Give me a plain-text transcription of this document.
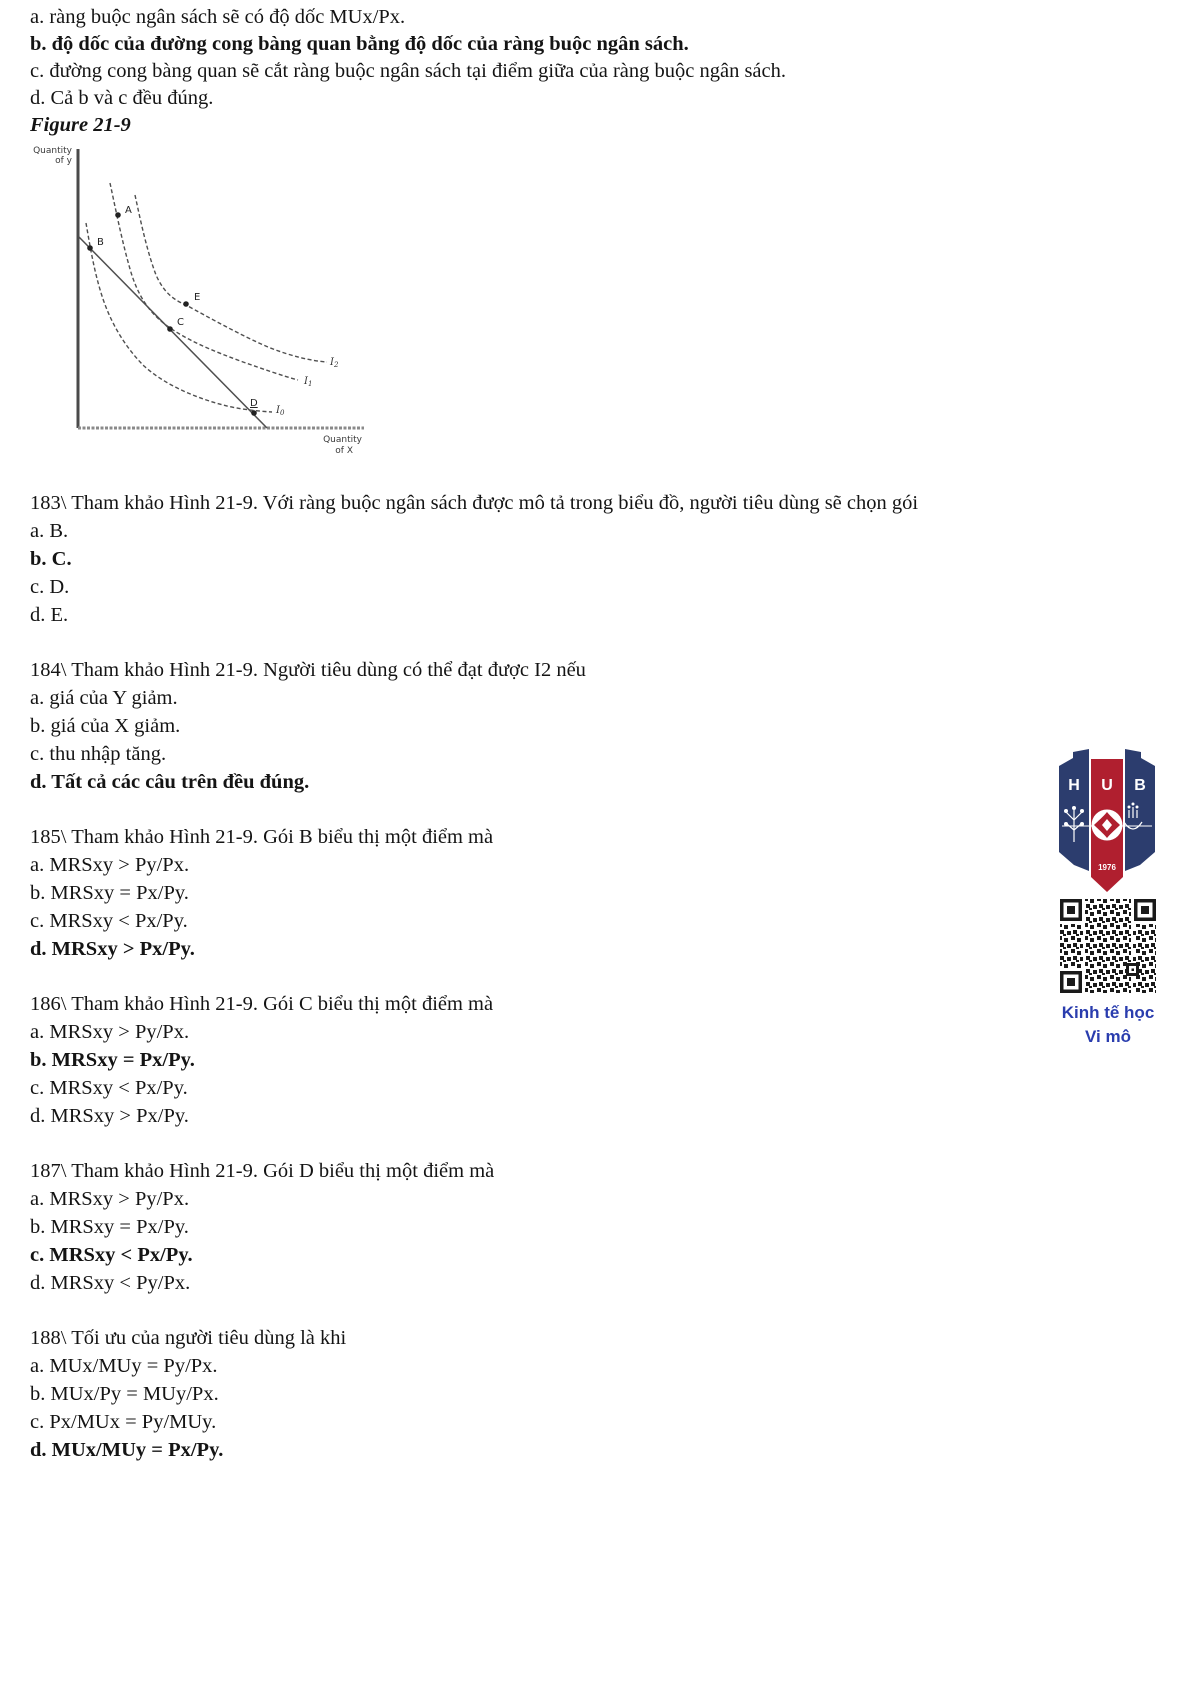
a. ràng buộc ngân sách sẽ có độ dốc MUx/Px.

b. độ dốc của đường cong bàng quan bằng độ dốc của ràng buộc ngân sách.

c. đường cong bàng quan sẽ cắt ràng buộc ngân sách tại điểm giữa của ràng buộc ngân sách.

d. Cả b và c đều đúng.

Figure 21-9

Quantity
of y
Quantity
of X
A
B
C
D
E
$I_2$
$I_1$
$I_0$

183\ Tham khảo Hình 21-9. Với ràng buộc ngân sách được mô tả trong biểu đồ, người tiêu dùng sẽ chọn gói

a. B.

b. C.

c. D.

d. E.

184\ Tham khảo Hình 21-9. Người tiêu dùng có thể đạt được I2 nếu

a. giá của Y giảm.

b. giá của X giảm.

c. thu nhập tăng.

d. Tất cả các câu trên đều đúng.

185\ Tham khảo Hình 21-9. Gói B biểu thị một điểm mà

a. MRSxy > Py/Px.

b. MRSxy = Px/Py.

c. MRSxy < Px/Py.

d. MRSxy > Px/Py.

186\ Tham khảo Hình 21-9. Gói C biểu thị một điểm mà

a. MRSxy > Py/Px.

b. MRSxy = Px/Py.

c. MRSxy < Px/Py.

d. MRSxy > Px/Py.

187\ Tham khảo Hình 21-9. Gói D biểu thị một điểm mà

a. MRSxy > Py/Px.

b. MRSxy = Px/Py.

c. MRSxy < Px/Py.

d. MRSxy < Py/Px.

188\ Tối ưu của người tiêu dùng là khi

a. MUx/MUy = Py/Px.

b. MUx/Py = MUy/Px.

c. Px/MUx = Py/MUy.

d. MUx/MUy = Px/Py.

H U B
1976
Kinh tế học
Vi mô
